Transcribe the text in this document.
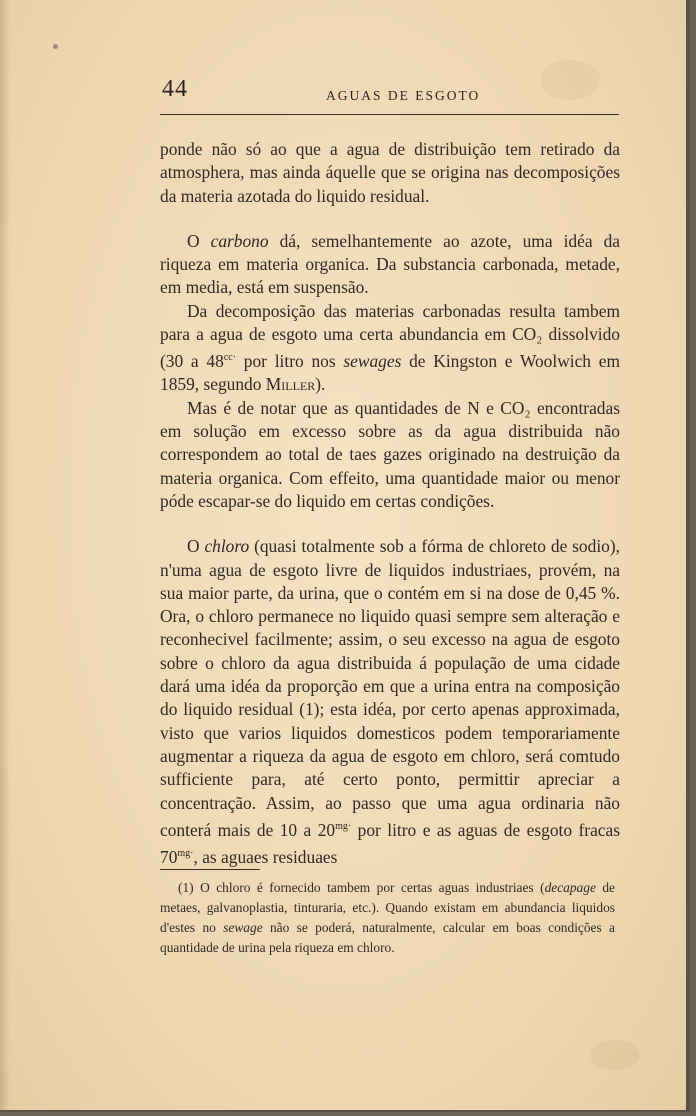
44	AGUAS DE ESGOTO

ponde não só ao que a agua de distribuição tem retirado da atmosphera, mas ainda áquelle que se origina nas decomposições da materia azotada do liquido residual.

O carbono dá, semelhantemente ao azote, uma idéa da riqueza em materia organica. Da substancia carbonada, metade, em media, está em suspensão.

Da decomposição das materias carbonadas resulta tambem para a agua de esgoto uma certa abundancia em CO₂ dissolvido (30 a $48^{cc\cdot}$ por litro nos sewages de Kingston e Woolwich em 1859, segundo Miller).

Mas é de notar que as quantidades de N e CO₂ encontradas em solução em excesso sobre as da agua distribuida não correspondem ao total de taes gazes originado na destruição da materia organica. Com effeito, uma quantidade maior ou menor póde escapar-se do liquido em certas condições.

O chloro (quasi totalmente sob a fórma de chloreto de sodio), n'uma agua de esgoto livre de liquidos industriaes, provém, na sua maior parte, da urina, que o contém em si na dose de 0,45 %. Ora, o chloro permanece no liquido quasi sempre sem alteração e reconhecivel facilmente; assim, o seu excesso na agua de esgoto sobre o chloro da agua distribuida á população de uma cidade dará uma idéa da proporção em que a urina entra na composição do liquido residual (1); esta idéa, por certo apenas approximada, visto que varios liquidos domesticos podem temporariamente augmentar a riqueza da agua de esgoto em chloro, será comtudo sufficiente para, até certo ponto, permittir apreciar a concentração. Assim, ao passo que uma agua ordinaria não conterá mais de 10 a $20^{mg\cdot}$ por litro e as aguas de esgoto fracas $70^{mg\cdot}$, as aguaes residuaes

(1) O chloro é fornecido tambem por certas aguas industriaes (decapage de metaes, galvanoplastia, tinturaria, etc.). Quando existam em abundancia liquidos d'estes no sewage não se poderá, naturalmente, calcular em boas condições a quantidade de urina pela riqueza em chloro.
